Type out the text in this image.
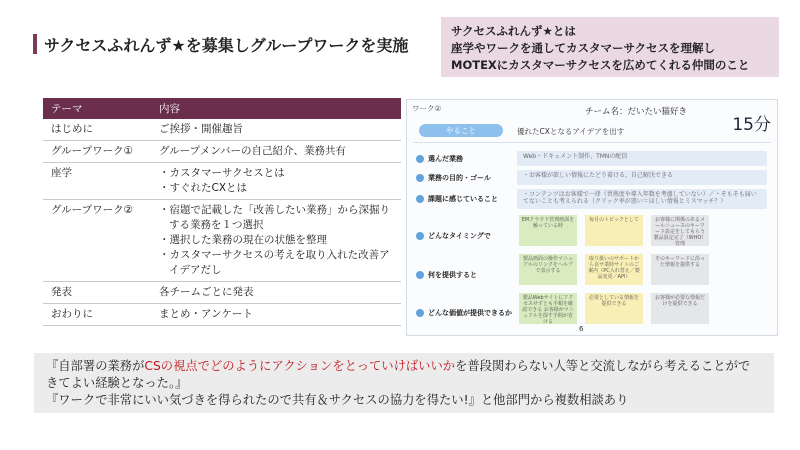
サクセスふれんず★を募集しグループワークを実施
サクセスふれんず★とは
座学やワークを通してカスタマーサクセスを理解し
MOTEXにカスタマーサクセスを広めてくれる仲間のこと
テーマ	内容
はじめに	ご挨拶・開催趣旨

グループワーク①	グループメンバーの自己紹介、業務共有

座学	・カスタマーサクセスとは
・すぐれたCXとは

グループワーク②	・宿題で記載した「改善したい業務」から深掘り
する業務を１つ選択
・選択した業務の現在の状態を整理
・カスタマーサクセスの考えを取り入れた改善ア
イデアだし

発表	各チームごとに発表

おわりに	まとめ・アンケート
ワーク②	チーム名：だいたい猫好き
15分
やること	優れたCXとなるアイデアを出す
選んだ業務	Web・ドキュメント制作、TMNの配信
業務の目的・ゴール	・お客様が欲しい情報にたどり着ける、自己解決できる
課題に感じていること
・コンテンツはお客様で一律（習熟度や導入年数を考慮していない）／・そもそも届いてないことも考えられる（クリック率が悪い＝ほしい情報とミスマッチ？）
どんなタイミングで
EMクラウド管理画面を触っている時
毎月のトピックとして	お客様に関係のあるメールニュースのキーワード設定をしてもらう 製品設定完了（WHO）管理
何を提供すると
製品画面の操作マニュアルのリンクをヘルプで表示する
取り扱いのサポートから良サ業時サイトのご案内（PC入れ替え／製品変更／API）
そのキーワードに沿った情報を提供する
どんな価値が提供できるか
製品Webサイトにアクセスせずとも手順を確認できる お客様がマニュアルを探す手間が省ける
必要としている情報を提供できる
お客様が必要な情報だけを提供できる
6
『自部署の業務がCSの視点でどのようにアクションをとっていけばいいかを普段関わらない人等と交流しながら考えることができてよい経験となった。』
『ワークで非常にいい気づきを得られたので共有＆サクセスの協力を得たい!』と他部門から複数相談あり
